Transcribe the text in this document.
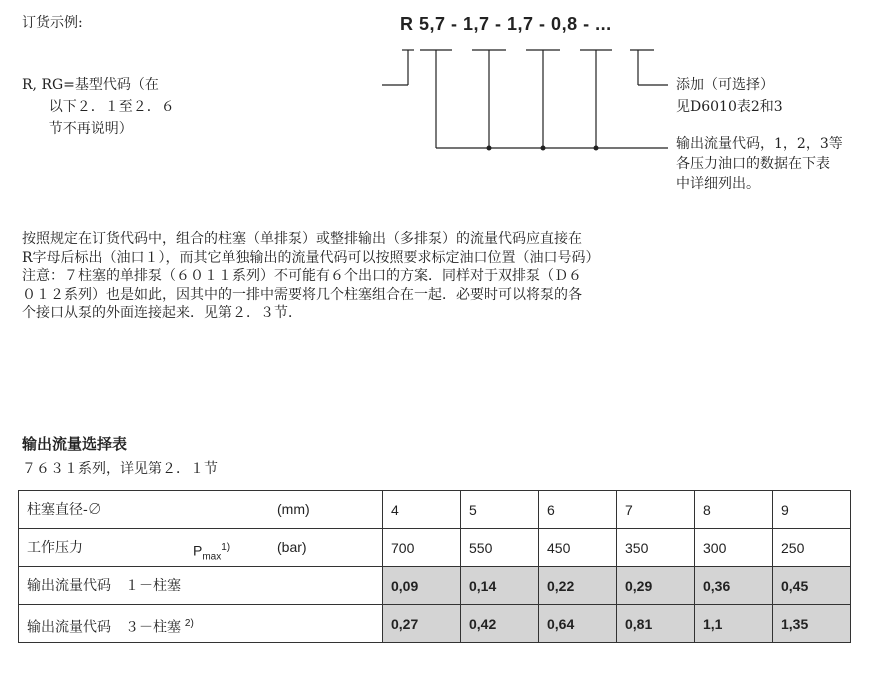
订货示例:	R 5,7 - 1,7 - 1,7 - 0,8 - ...
R, RG=基型代码（在
以下２．１至２．６
节不再说明）
添加（可选择）
见D6010表2和3
输出流量代码，1，2，3等
各压力油口的数据在下表
中详细列出。
按照规定在订货代码中，组合的柱塞（单排泵）或整排输出（多排泵）的流量代码应直接在
R字母后标出（油口１），而其它单独输出的流量代码可以按照要求标定油口位置（油口号码）
注意：７柱塞的单排泵（６０１１系列）不可能有６个出口的方案．同样对于双排泵（Ｄ６
０１２系列）也是如此，因其中的一排中需要将几个柱塞组合在一起．必要时可以将泵的各
个接口从泵的外面连接起来．见第２．３节．
输出流量选择表
７６３１系列，详见第２．１节
柱塞直径-∅ (mm)	4	5	6	7	8	9

工作压力 $P_{max}^{1)}$ (bar)	700	550	450	350	300	250

输出流量代码　１－柱塞	0,09	0,14	0,22	0,29	0,36	0,45

输出流量代码　３－柱塞 $^{2)}$	0,27	0,42	0,64	0,81	1,1	1,35
